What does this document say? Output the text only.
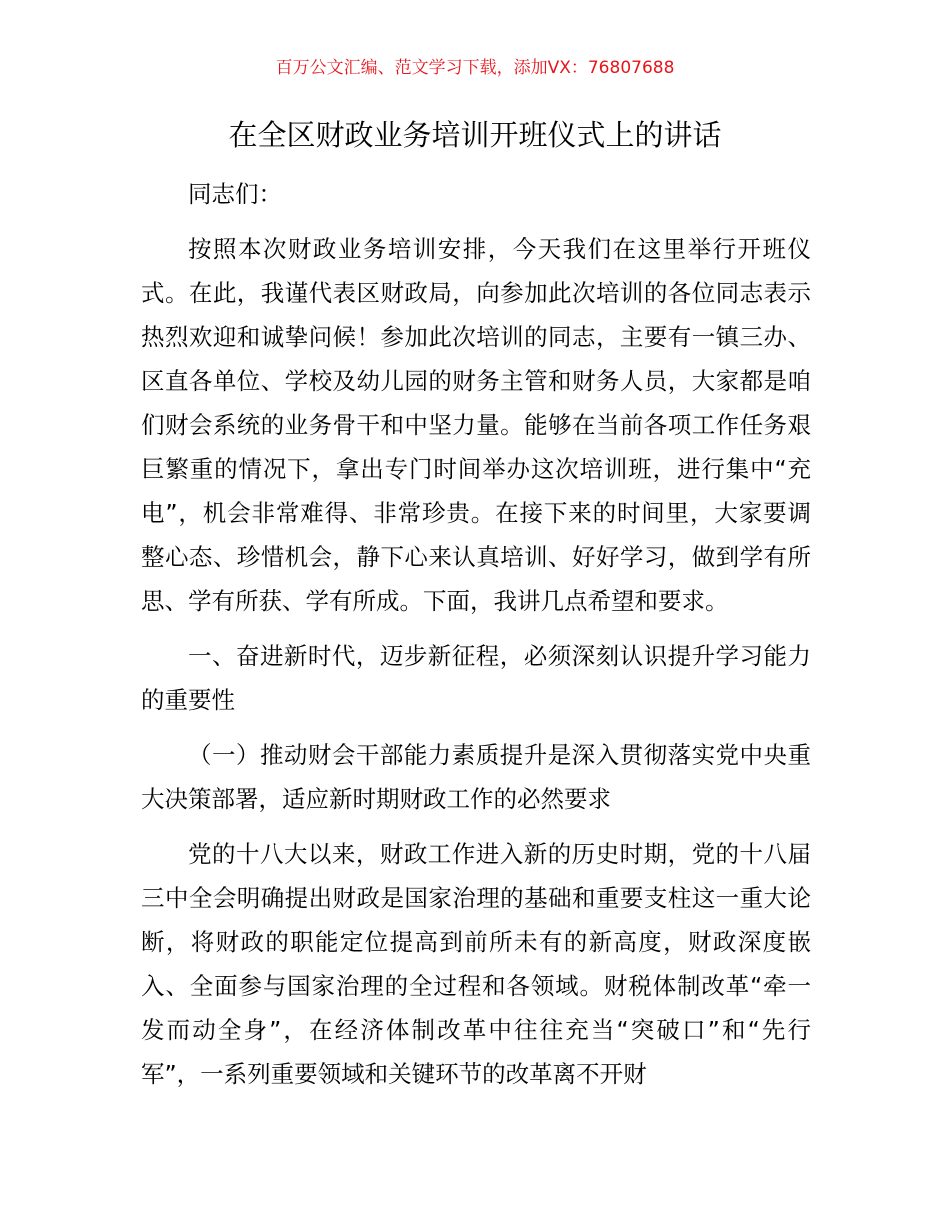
百万公文汇编、范文学习下载，添加VX：76807688
在全区财政业务培训开班仪式上的讲话

同志们：

按照本次财政业务培训安排，今天我们在这里举行开班仪式。在此，我谨代表区财政局，向参加此次培训的各位同志表示热烈欢迎和诚挚问候！参加此次培训的同志，主要有一镇三办、区直各单位、学校及幼儿园的财务主管和财务人员，大家都是咱们财会系统的业务骨干和中坚力量。能够在当前各项工作任务艰巨繁重的情况下，拿出专门时间举办这次培训班，进行集中“充电”，机会非常难得、非常珍贵。在接下来的时间里，大家要调整心态、珍惜机会，静下心来认真培训、好好学习，做到学有所思、学有所获、学有所成。下面，我讲几点希望和要求。

一、奋进新时代，迈步新征程，必须深刻认识提升学习能力的重要性

（一）推动财会干部能力素质提升是深入贯彻落实党中央重大决策部署，适应新时期财政工作的必然要求

党的十八大以来，财政工作进入新的历史时期，党的十八届三中全会明确提出财政是国家治理的基础和重要支柱这一重大论断，将财政的职能定位提高到前所未有的新高度，财政深度嵌入、全面参与国家治理的全过程和各领域。财税体制改革“牵一发而动全身”，在经济体制改革中往往充当“突破口”和“先行军”，一系列重要领域和关键环节的改革离不开财
